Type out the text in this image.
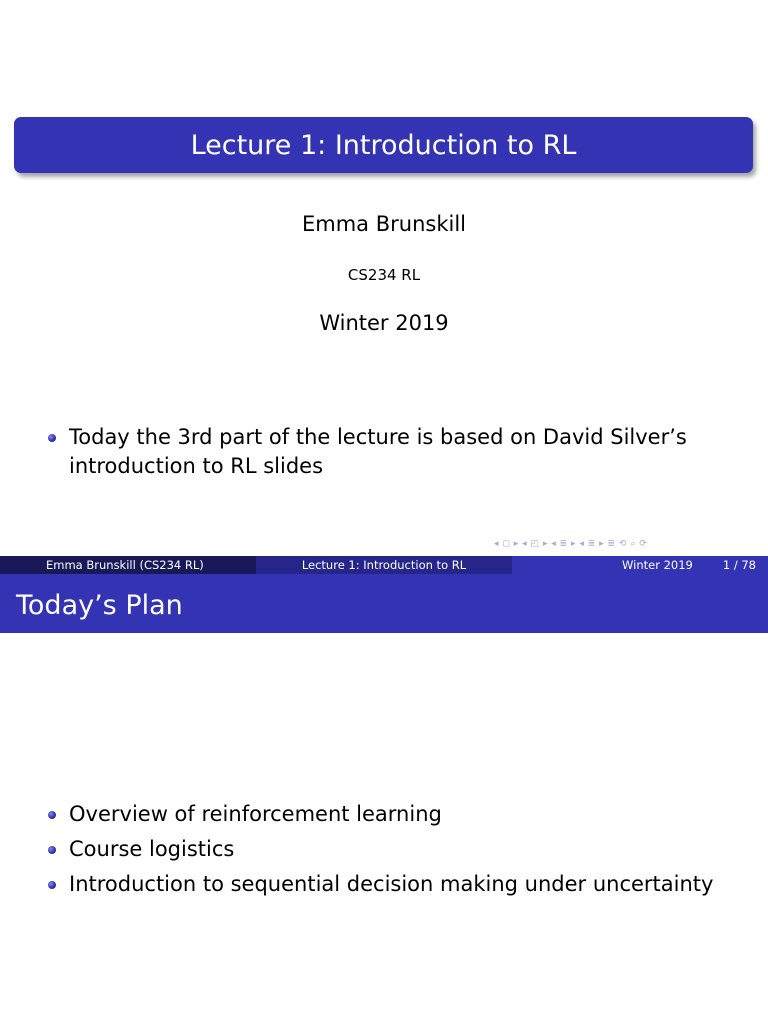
Lecture 1: Introduction to RL
Emma Brunskill
CS234 RL
Winter 2019
Today the 3rd part of the lecture is based on David Silver’s introduction to RL slides
◂ ◻ ▸ ◂ ◰ ▸ ◂ ≣ ▸ ◂ ≣ ▸ ≣ ⟲ ⌕ ⟳
Emma Brunskill (CS234 RL)	Lecture 1: Introduction to RL	Winter 2019	1 / 78
Today’s Plan
Overview of reinforcement learning
Course logistics
Introduction to sequential decision making under uncertainty
